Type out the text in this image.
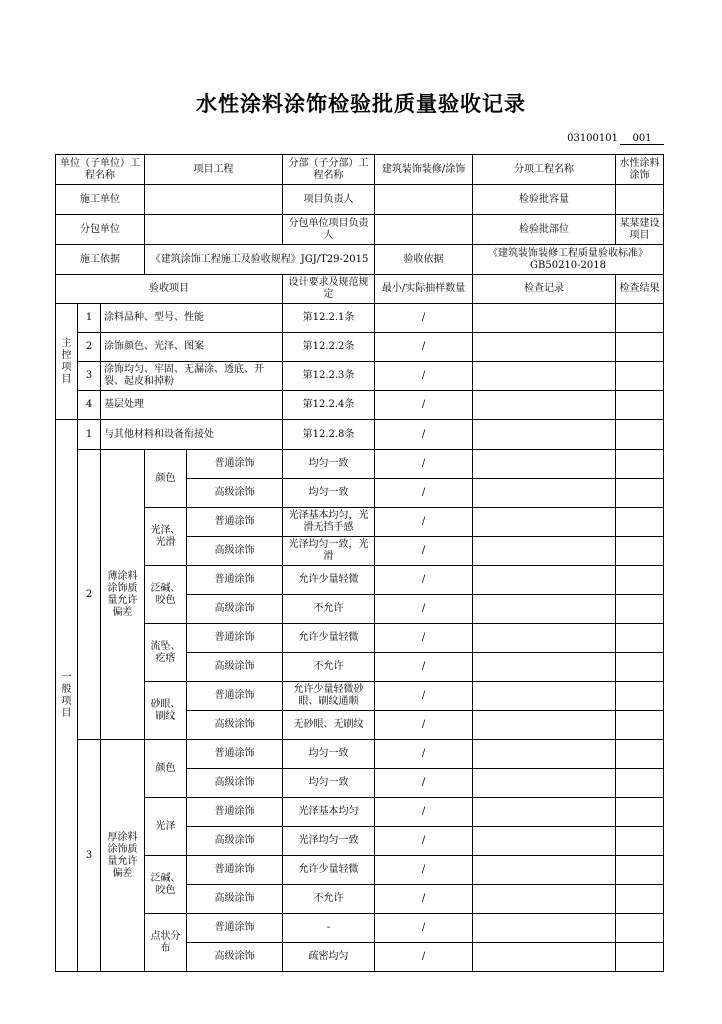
水性涂料涂饰检验批质量验收记录
03100101 001
单位（子单位）工程名称			项目工程		分部（子分部）工程名称	建筑装饰装修/涂饰	分项工程名称	水性涂料涂饰
施工单位					项目负责人		检验批容量	
分包单位					分包单位项目负责人		检验批部位	某某建设项目
施工依据			《建筑涂饰工程施工及验收规程》JGJ/T29-2015			验收依据	《建筑装饰装修工程质量验收标准》GB50210-2018	
验收项目					设计要求及规范规定	最小/实际抽样数量	检查记录	检查结果
主控项目	1	涂料品种、型号、性能			第12.2.1条	/		
	2	涂饰颜色、光泽、图案			第12.2.2条	/		
	3	涂饰均匀、牢固、无漏涂、透底、开裂、起皮和掉粉			第12.2.3条	/		
	4	基层处理			第12.2.4条	/		
一般项目	1	与其他材料和设备衔接处			第12.2.8条	/		
	2	薄涂料涂饰质量允许偏差	颜色	普通涂饰	均匀一致	/		
				高级涂饰	均匀一致	/		
			光泽、光滑	普通涂饰	光泽基本均匀，光滑无挡手感	/		
				高级涂饰	光泽均匀一致，光滑	/		
			泛碱、咬色	普通涂饰	允许少量轻微	/		
				高级涂饰	不允许	/		
			流坠、疙瘩	普通涂饰	允许少量轻微	/		
				高级涂饰	不允许	/		
			砂眼、刷纹	普通涂饰	允许少量轻微砂眼、刷纹通顺	/		
				高级涂饰	无砂眼、无刷纹	/		
	3	厚涂料涂饰质量允许偏差	颜色	普通涂饰	均匀一致	/		
				高级涂饰	均匀一致	/		
			光泽	普通涂饰	光泽基本均匀	/		
				高级涂饰	光泽均匀一致	/		
			泛碱、咬色	普通涂饰	允许少量轻微	/		
				高级涂饰	不允许	/		
			点状分布	普通涂饰	-	/		
				高级涂饰	疏密均匀	/		
